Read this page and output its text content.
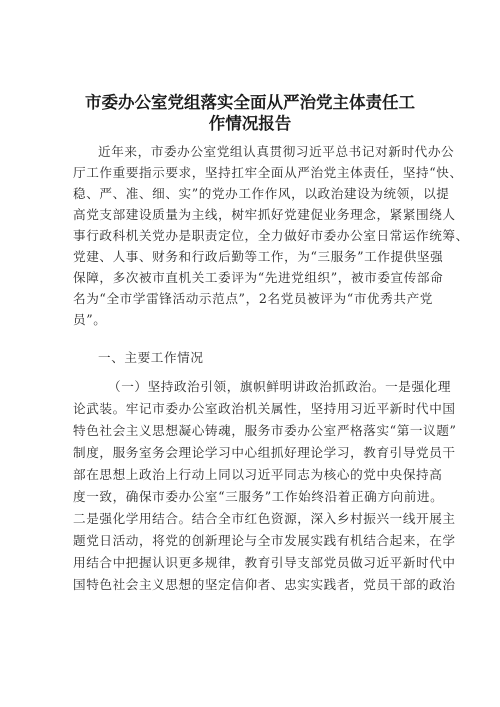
市委办公室党组落实全面从严治党主体责任工
作情况报告
近年来，市委办公室党组认真贯彻习近平总书记对新时代办公
厅工作重要指示要求，坚持扛牢全面从严治党主体责任，坚持“快、
稳、严、准、细、实”的党办工作作风，以政治建设为统领，以提
高党支部建设质量为主线，树牢抓好党建促业务理念，紧紧围绕人
事行政科机关党办是职责定位，全力做好市委办公室日常运作统筹、
党建、人事、财务和行政后勤等工作，为“三服务”工作提供坚强
保障，多次被市直机关工委评为“先进党组织”，被市委宣传部命
名为“全市学雷锋活动示范点”，2名党员被评为“市优秀共产党
员”。
一、主要工作情况
（一）坚持政治引领，旗帜鲜明讲政治抓政治。一是强化理
论武装。牢记市委办公室政治机关属性，坚持用习近平新时代中国
特色社会主义思想凝心铸魂，服务市委办公室严格落实“第一议题”
制度，服务室务会理论学习中心组抓好理论学习，教育引导党员干
部在思想上政治上行动上同以习近平同志为核心的党中央保持高
度一致，确保市委办公室“三服务”工作始终沿着正确方向前进。
二是强化学用结合。结合全市红色资源，深入乡村振兴一线开展主
题党日活动，将党的创新理论与全市发展实践有机结合起来，在学
用结合中把握认识更多规律，教育引导支部党员做习近平新时代中
国特色社会主义思想的坚定信仰者、忠实实践者，党员干部的政治
